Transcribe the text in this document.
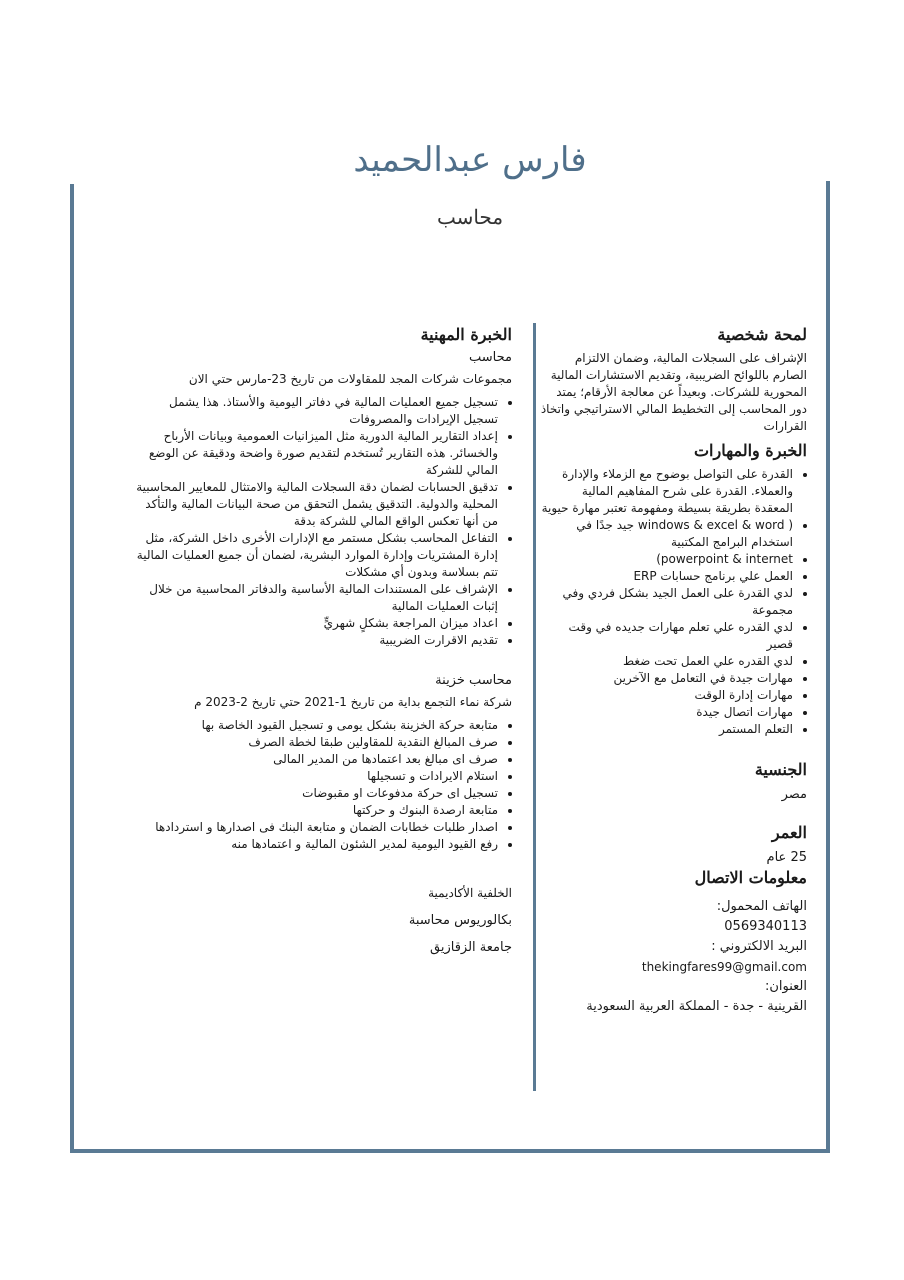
فارس عبدالحميد
محاسب
لمحة شخصية

الإشراف على السجلات المالية، وضمان الالتزام الصارم باللوائح الضريبية، وتقديم الاستشارات المالية المحورية للشركات. وبعيداً عن معالجة الأرقام؛ يمتد دور المحاسب إلى التخطيط المالي الاستراتيجي واتخاذ القرارات

الخبرة والمهارات
• القدرة على التواصل بوضوح مع الزملاء والإدارة والعملاء. القدرة على شرح المفاهيم المالية المعقدة بطريقة بسيطة ومفهومة تعتبر مهارة حيوية
• ( windows & excel & word جيد جدًا في استخدام البرامج المكتبية
• powerpoint & internet)
• العمل علي برنامج حسابات ERP
• لدي القدرة على العمل الجيد بشكل فردي وفي مجموعة
• لدي القدره علي تعلم مهارات جديده في وقت قصير
• لدي القدره علي العمل تحت ضغط
• مهارات جيدة في التعامل مع الآخرين
• مهارات إدارة الوقت
• مهارات اتصال جيدة
• التعلم المستمر
الجنسية

مصر

العمر

25 عام

معلومات الاتصال

الهاتف المحمول:

0569340113

البريد الالكتروني :

thekingfares99@gmail.com

العنوان:

القرينية - جدة - المملكة العربية السعودية

الخبرة المهنية
محاسب

مجموعات شركات المجد للمقاولات من تاريخ 23-مارس حتي الان

• تسجيل جميع العمليات المالية في دفاتر اليومية والأستاذ. هذا يشمل تسجيل الإيرادات والمصروفات
• إعداد التقارير المالية الدورية مثل الميزانيات العمومية وبيانات الأرباح والخسائر. هذه التقارير تُستخدم لتقديم صورة واضحة ودقيقة عن الوضع المالي للشركة
• تدقيق الحسابات لضمان دقة السجلات المالية والامتثال للمعايير المحاسبية المحلية والدولية. التدقيق يشمل التحقق من صحة البيانات المالية والتأكد من أنها تعكس الواقع المالي للشركة بدقة
• التفاعل المحاسب بشكل مستمر مع الإدارات الأخرى داخل الشركة، مثل إدارة المشتريات وإدارة الموارد البشرية، لضمان أن جميع العمليات المالية تتم بسلاسة وبدون أي مشكلات
• الإشراف على المستندات المالية الأساسية والدفاتر المحاسبية من خلال إثبات العمليات المالية
• اعداد ميزان المراجعة بشكلٍ شهريٍّ
• تقديم الاقرارت الضريبية
محاسب خزينة

شركة نماء التجمع بداية من تاريخ 1-2021 حتي تاريخ 2-2023 م

• متابعة حركة الخزينة بشكل يومى و تسجيل القيود الخاصة بها
• صرف المبالغ النقدية للمقاولين طبقا لخطة الصرف
• صرف اى مبالغ بعد اعتمادها من المدير المالى
• استلام الايرادات و تسجيلها
• تسجيل اى حركة مدفوعات او مقبوضات
• متابعة ارصدة البنوك و حركتها
• اصدار طلبات خطابات الضمان و متابعة البنك فى اصدارها و استردادها
• رفع القيود اليومية لمدير الشئون المالية و اعتمادها منه

الخلفية الأكاديمية

بكالوريوس محاسبة

جامعة الزقازيق
